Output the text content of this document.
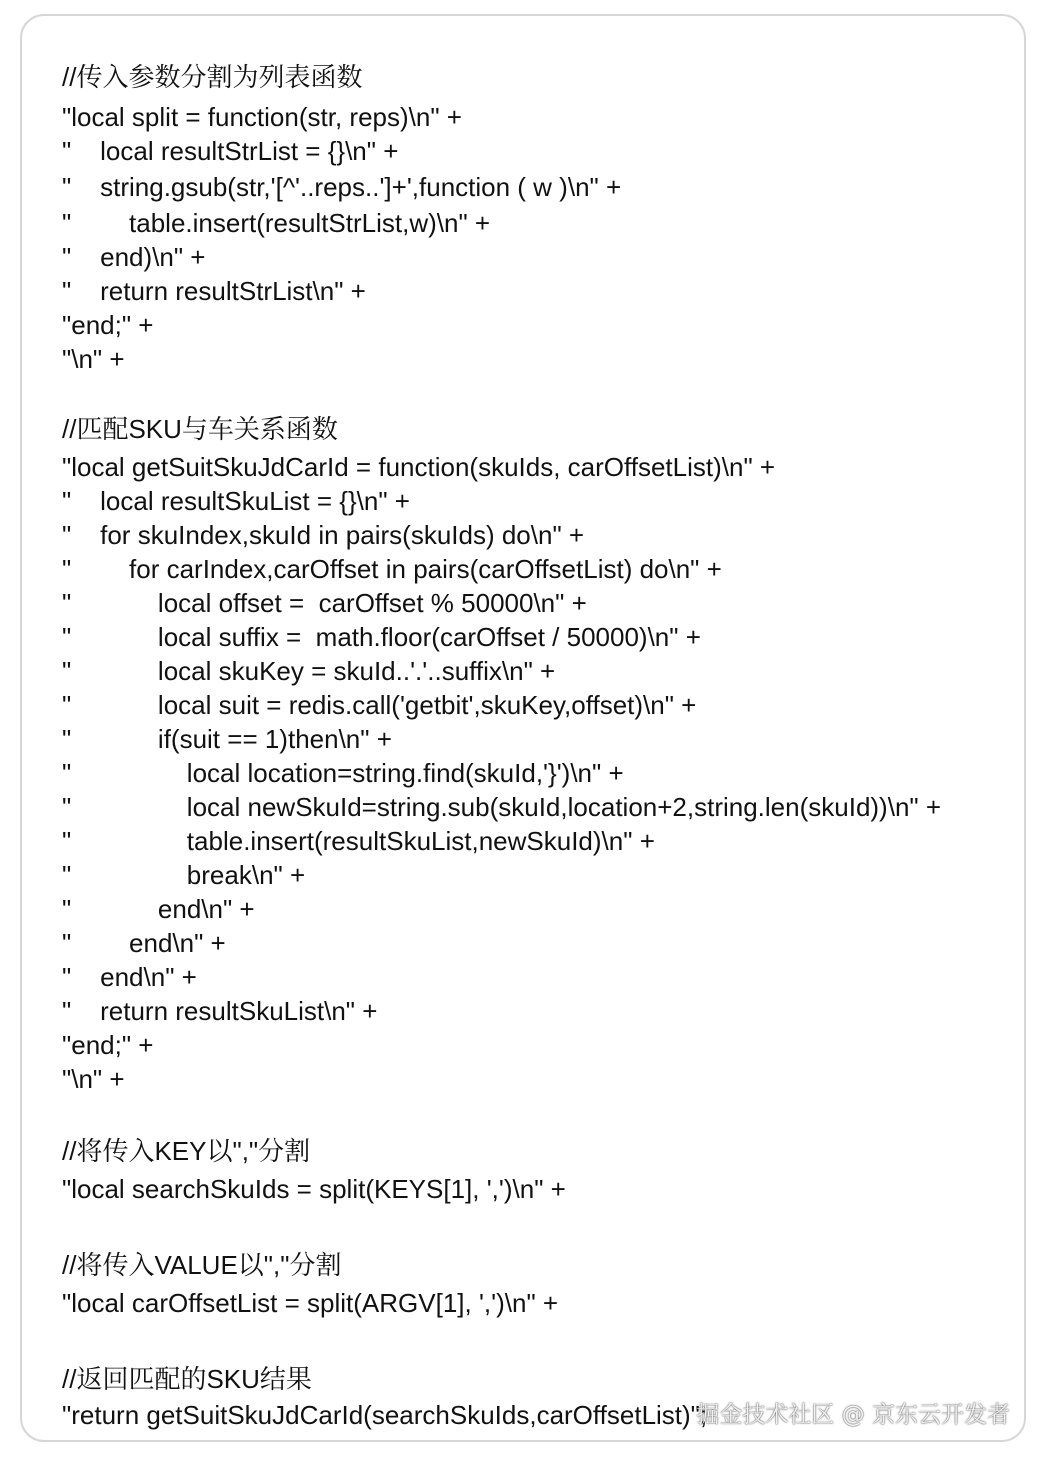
//传入参数分割为列表函数
"local split = function(str, reps)\n" +
"    local resultStrList = {}\n" +
"    string.gsub(str,'[^'..reps..']+',function ( w )\n" +
"        table.insert(resultStrList,w)\n" +
"    end)\n" +
"    return resultStrList\n" +
"end;" +
"\n" +
//匹配SKU与车关系函数
"local getSuitSkuJdCarId = function(skuIds, carOffsetList)\n" +
"    local resultSkuList = {}\n" +
"    for skuIndex,skuId in pairs(skuIds) do\n" +
"        for carIndex,carOffset in pairs(carOffsetList) do\n" +
"            local offset =  carOffset % 50000\n" +
"            local suffix =  math.floor(carOffset / 50000)\n" +
"            local skuKey = skuId..'.'..suffix\n" +
"            local suit = redis.call('getbit',skuKey,offset)\n" +
"            if(suit == 1)then\n" +
"                local location=string.find(skuId,'}')\n" +
"                local newSkuId=string.sub(skuId,location+2,string.len(skuId))\n" +
"                table.insert(resultSkuList,newSkuId)\n" +
"                break\n" +
"            end\n" +
"        end\n" +
"    end\n" +
"    return resultSkuList\n" +
"end;" +
"\n" +
//将传入KEY以","分割
"local searchSkuIds = split(KEYS[1], ',')\n" +
//将传入VALUE以","分割
"local carOffsetList = split(ARGV[1], ',')\n" +
//返回匹配的SKU结果
"return getSuitSkuJdCarId(searchSkuIds,carOffsetList)";
掘金技术社区 @ 京东云开发者
